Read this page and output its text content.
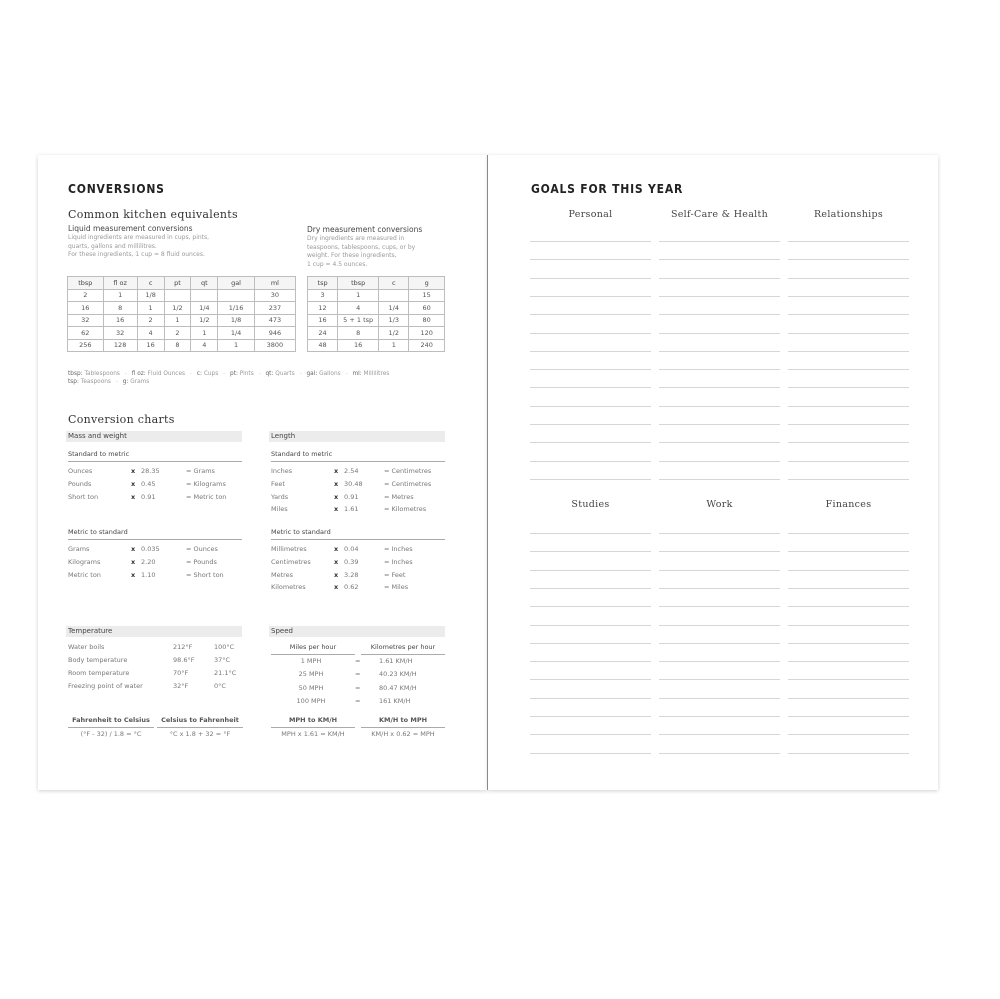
CONVERSIONS
Common kitchen equivalents
Liquid measurement conversions
Liquid ingredients are measured in cups, pints,
quarts, gallons and millilitres.
For these ingredients, 1 cup = 8 fluid ounces.
Dry measurement conversions
Dry ingredients are measured in
teaspoons, tablespoons, cups, or by
weight. For these ingredients,
1 cup = 4.5 ounces.
tbsp	fl oz	c	pt	qt	gal	ml
2	1	1/8				30
16	8	1	1/2	1/4	1/16	237
32	16	2	1	1/2	1/8	473
62	32	4	2	1	1/4	946
256	128	16	8	4	1	3800
tsp	tbsp	c	g
3	1		15
12	4	1/4	60
16	5 + 1 tsp	1/3	80
24	8	1/2	120
48	16	1	240
tbsp: Tablespoons - fl oz: Fluid Ounces - c: Cups - pt: Pints - qt: Quarts - gal: Gallons - ml: Millilitres
tsp: Teaspoons - g: Grams
Conversion charts
Mass and weight
Standard to metric
Ounces	x 28.35	= Grams
Pounds	x 0.45	= Kilograms
Short ton	x 0.91	= Metric ton
Metric to standard
Grams	x 0.035	= Ounces
Kilograms	x 2.20	= Pounds
Metric ton	x 1.10	= Short ton
Length
Standard to metric
Inches	x 2.54	= Centimetres
Feet	x 30.48	= Centimetres
Yards	x 0.91	= Metres
Miles	x 1.61	= Kilometres
Metric to standard
Millimetres	x 0.04	= Inches
Centimetres	x 0.39	= Inches
Metres	x 3.28	= Feet
Kilometres	x 0.62	= Miles
Temperature
Water boils	212°F	100°C
Body temperature	98.6°F	37°C
Room temperature	70°F	21.1°C
Freezing point of water	32°F	0°C
Fahrenheit to Celsius
(°F - 32) / 1.8 = °C
Celsius to Fahrenheit
°C x 1.8 + 32 = °F
Speed
Miles per hour	Kilometres per hour
1 MPH	=	1.61 KM/H
25 MPH	=	40.23 KM/H
50 MPH	=	80.47 KM/H
100 MPH	=	161 KM/H
MPH to KM/H
MPH x 1.61 = KM/H
KM/H to MPH
KM/H x 0.62 = MPH
GOALS FOR THIS YEAR
Personal	Self-Care & Health	Relationships
Studies	Work	Finances
